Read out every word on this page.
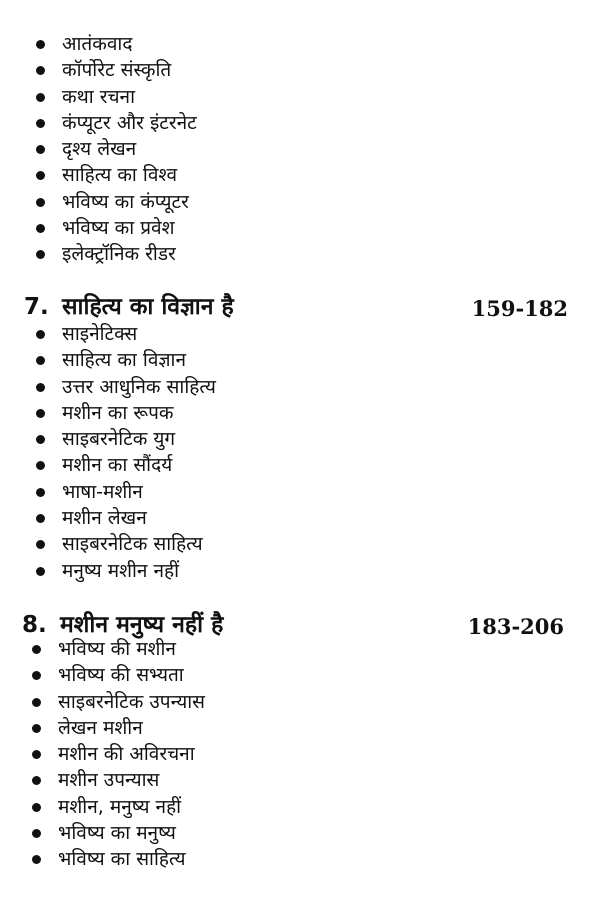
आतंकवाद
कॉर्पोरेट संस्कृति
कथा रचना
कंप्यूटर और इंटरनेट
दृश्य लेखन
साहित्य का विश्व
भविष्य का कंप्यूटर
भविष्य का प्रवेश
इलेक्ट्रॉनिक रीडर
7. साहित्य का विज्ञान है	159-182
साइनेटिक्स
साहित्य का विज्ञान
उत्तर आधुनिक साहित्य
मशीन का रूपक
साइबरनेटिक युग
मशीन का सौंदर्य
भाषा-मशीन
मशीन लेखन
साइबरनेटिक साहित्य
मनुष्य मशीन नहीं
8. मशीन मनुष्य नहीं है	183-206
भविष्य की मशीन
भविष्य की सभ्यता
साइबरनेटिक उपन्यास
लेखन मशीन
मशीन की अविरचना
मशीन उपन्यास
मशीन, मनुष्य नहीं
भविष्य का मनुष्य
भविष्य का साहित्य
